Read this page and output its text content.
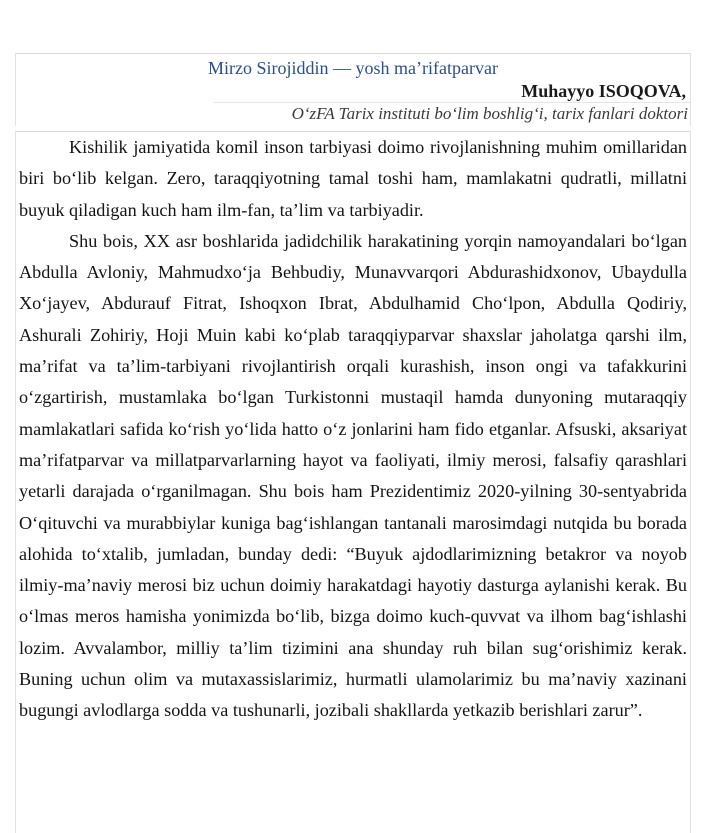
Mirzo Sirojiddin — yosh ma’rifatparvar
Muhayyo ISOQOVA,
O‘zFA Tarix instituti bo‘lim boshlig‘i, tarix fanlari doktori

Kishilik jamiyatida komil inson tarbiyasi doimo rivojlanishning muhim omillaridan biri bo‘lib kelgan. Zero, taraqqiyotning tamal toshi ham, mamlakatni qudratli, millatni buyuk qiladigan kuch ham ilm-fan, ta’lim va tarbiyadir.

Shu bois, XX asr boshlarida jadidchilik harakatining yorqin namoyandalari bo‘lgan Abdulla Avloniy, Mahmudxo‘ja Behbudiy, Munavvarqori Abdurashidxonov, Ubaydulla Xo‘jayev, Abdurauf Fitrat, Ishoqxon Ibrat, Abdulhamid Cho‘lpon, Abdulla Qodiriy, Ashurali Zohiriy, Hoji Muin kabi ko‘plab taraqqiyparvar shaxslar jaholatga qarshi ilm, ma’rifat va ta’lim-tarbiyani rivojlantirish orqali kurashish, inson ongi va tafakkurini o‘zgartirish, mustamlaka bo‘lgan Turkistonni mustaqil hamda dunyoning mutaraqqiy mamlakatlari safida ko‘rish yo‘lida hatto o‘z jonlarini ham fido etganlar. Afsuski, aksariyat ma’rifatparvar va millatparvarlarning hayot va faoliyati, ilmiy merosi, falsafiy qarashlari yetarli darajada o‘rganilmagan. Shu bois ham Prezidentimiz 2020-yilning 30-sentyabrida O‘qituvchi va murabbiylar kuniga bag‘ishlangan tantanali marosimdagi nutqida bu borada alohida to‘xtalib, jumladan, bunday dedi: “Buyuk ajdodlarimizning betakror va noyob ilmiy-ma’naviy merosi biz uchun doimiy harakatdagi hayotiy dasturga aylanishi kerak. Bu o‘lmas meros hamisha yonimizda bo‘lib, bizga doimo kuch-quvvat va ilhom bag‘ishlashi lozim. Avvalambor, milliy ta’lim tizimini ana shunday ruh bilan sug‘orishimiz kerak. Buning uchun olim va mutaxassislarimiz, hurmatli ulamolarimiz bu ma’naviy xazinani bugungi avlodlarga sodda va tushunarli, jozibali shakllarda yetkazib berishlari zarur”.
